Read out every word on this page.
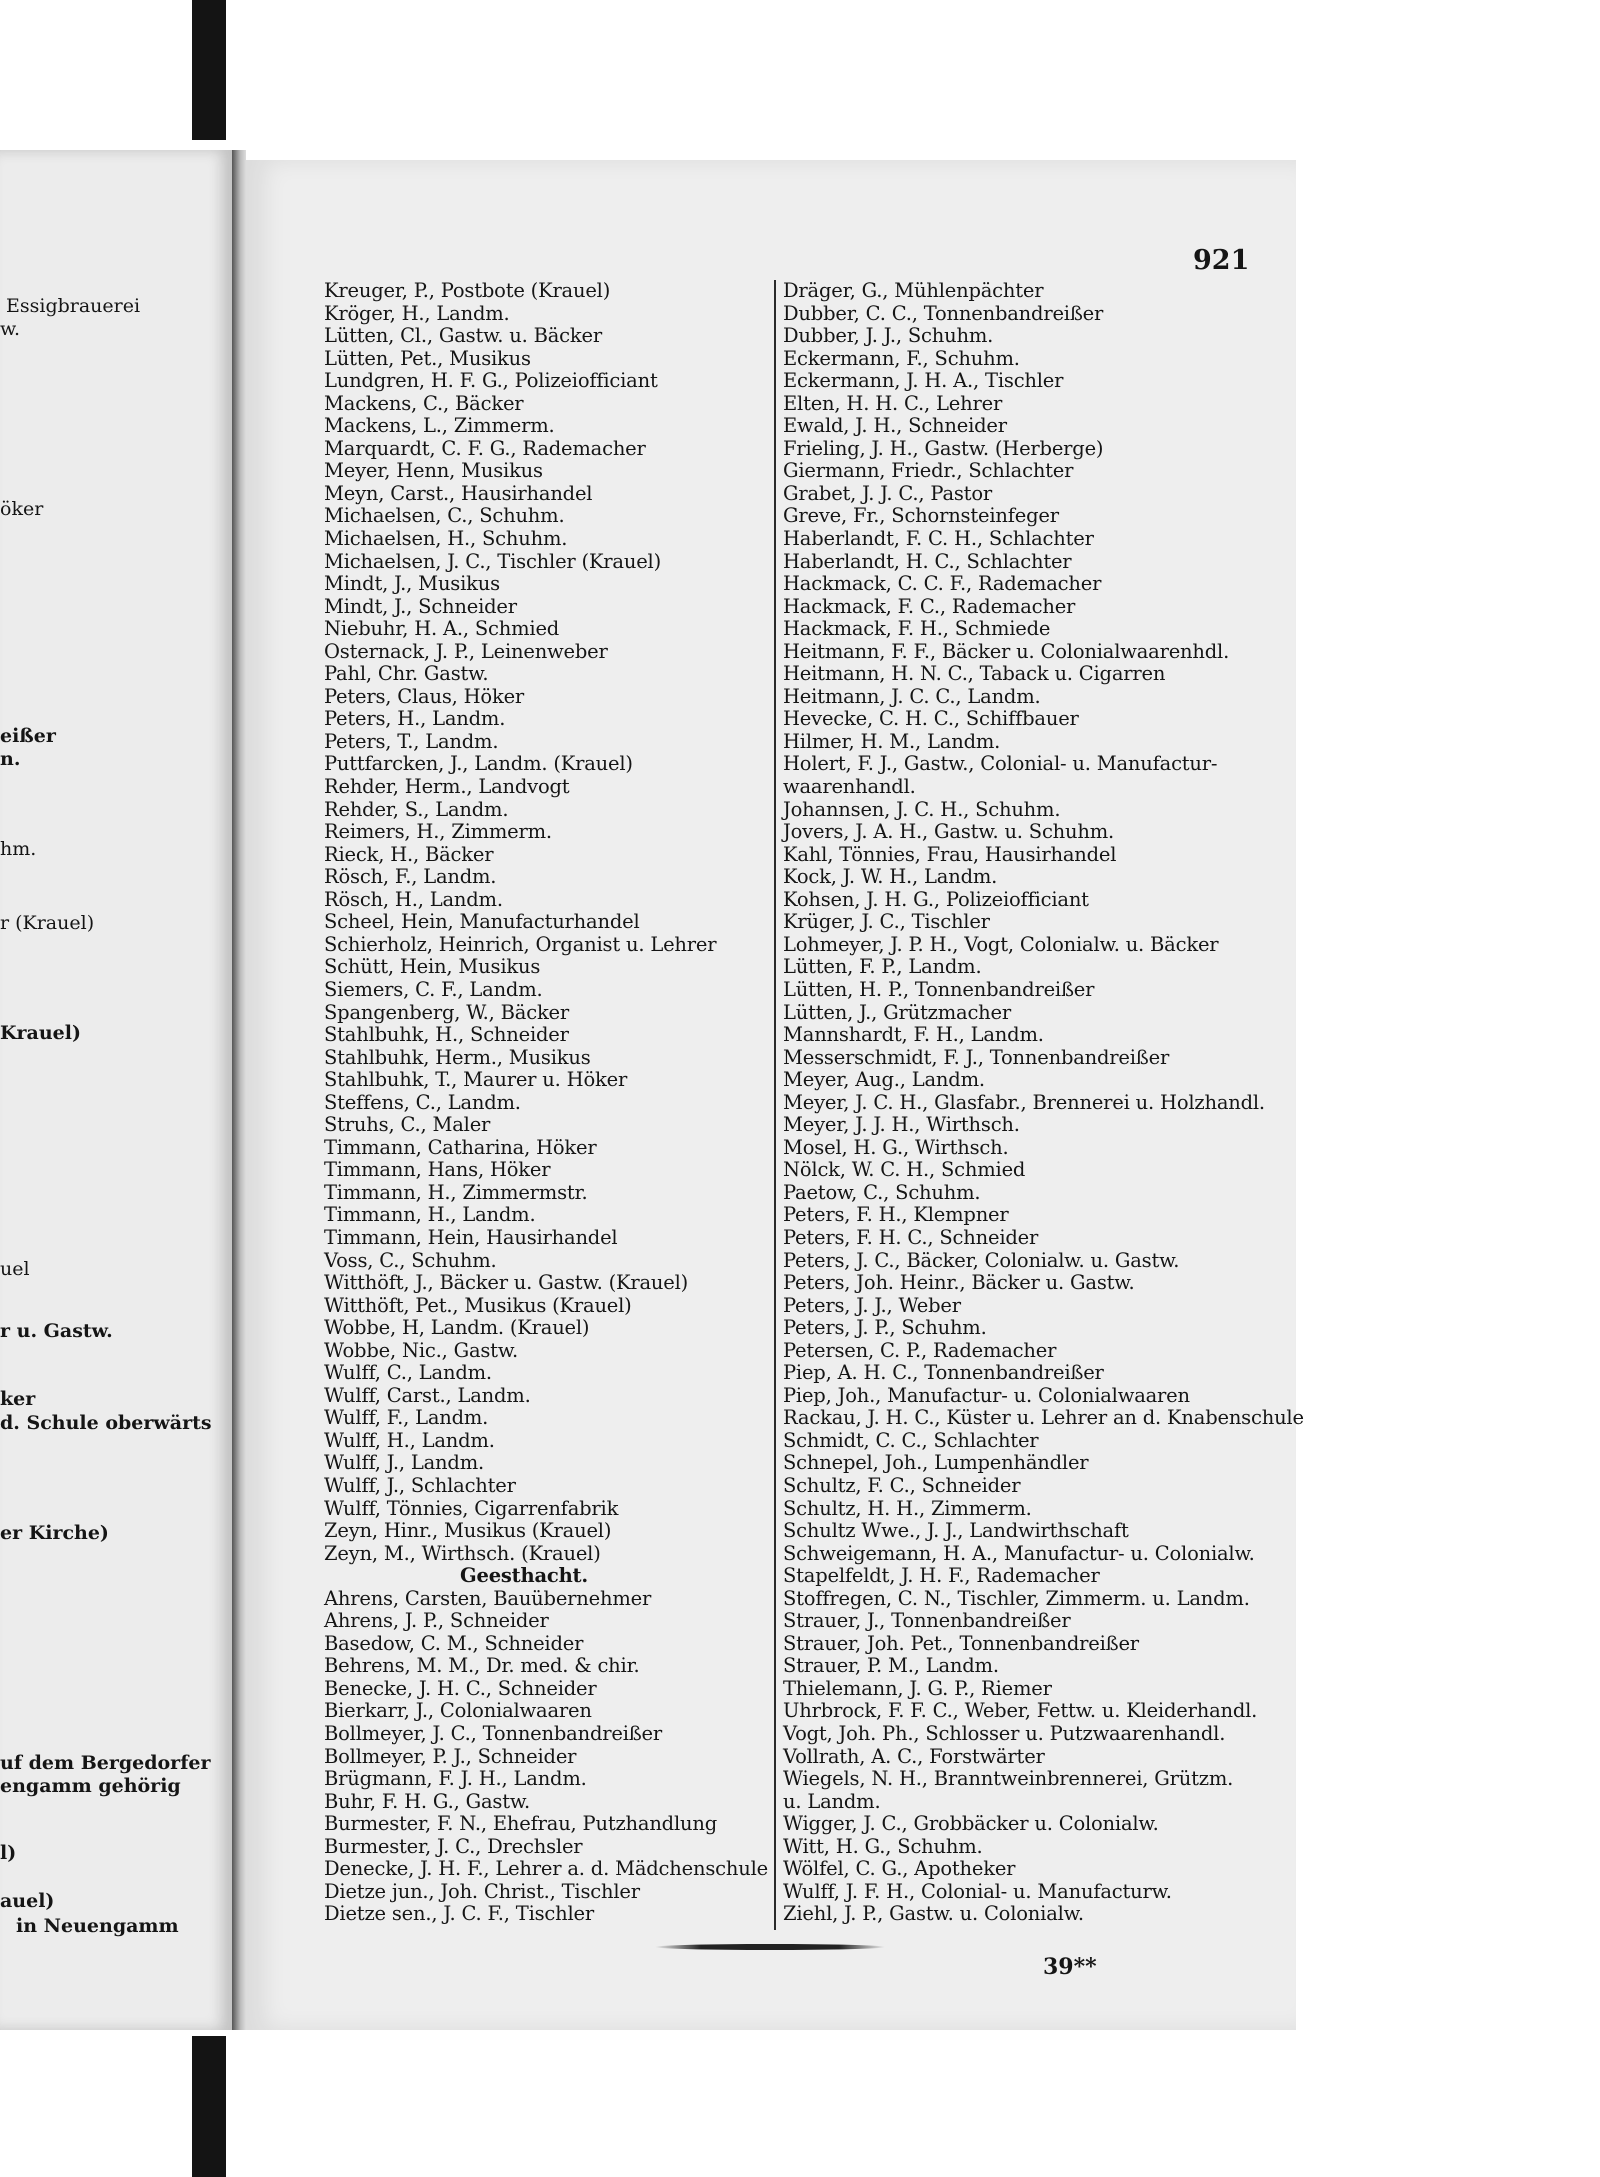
Essigbrauerei
w.
öker
eißer
n.
hm.
r (Krauel)
Krauel)
uel
r u. Gastw.
ker
d. Schule oberwärts
er Kirche)
uf dem Bergedorfer
engamm gehörig
l)
auel)
in Neuengamm
921
Kreuger, P., Postbote (Krauel)
Kröger, H., Landm.
Lütten, Cl., Gastw. u. Bäcker
Lütten, Pet., Musikus
Lundgren, H. F. G., Polizeiofficiant
Mackens, C., Bäcker
Mackens, L., Zimmerm.
Marquardt, C. F. G., Rademacher
Meyer, Henn, Musikus
Meyn, Carst., Hausirhandel
Michaelsen, C., Schuhm.
Michaelsen, H., Schuhm.
Michaelsen, J. C., Tischler (Krauel)
Mindt, J., Musikus
Mindt, J., Schneider
Niebuhr, H. A., Schmied
Osternack, J. P., Leinenweber
Pahl, Chr. Gastw.
Peters, Claus, Höker
Peters, H., Landm.
Peters, T., Landm.
Puttfarcken, J., Landm. (Krauel)
Rehder, Herm., Landvogt
Rehder, S., Landm.
Reimers, H., Zimmerm.
Rieck, H., Bäcker
Rösch, F., Landm.
Rösch, H., Landm.
Scheel, Hein, Manufacturhandel
Schierholz, Heinrich, Organist u. Lehrer
Schütt, Hein, Musikus
Siemers, C. F., Landm.
Spangenberg, W., Bäcker
Stahlbuhk, H., Schneider
Stahlbuhk, Herm., Musikus
Stahlbuhk, T., Maurer u. Höker
Steffens, C., Landm.
Struhs, C., Maler
Timmann, Catharina, Höker
Timmann, Hans, Höker
Timmann, H., Zimmermstr.
Timmann, H., Landm.
Timmann, Hein, Hausirhandel
Voss, C., Schuhm.
Witthöft, J., Bäcker u. Gastw. (Krauel)
Witthöft, Pet., Musikus (Krauel)
Wobbe, H, Landm. (Krauel)
Wobbe, Nic., Gastw.
Wulff, C., Landm.
Wulff, Carst., Landm.
Wulff, F., Landm.
Wulff, H., Landm.
Wulff, J., Landm.
Wulff, J., Schlachter
Wulff, Tönnies, Cigarrenfabrik
Zeyn, Hinr., Musikus (Krauel)
Zeyn, M., Wirthsch. (Krauel)
Geesthacht.
Ahrens, Carsten, Bauübernehmer
Ahrens, J. P., Schneider
Basedow, C. M., Schneider
Behrens, M. M., Dr. med. & chir.
Benecke, J. H. C., Schneider
Bierkarr, J., Colonialwaaren
Bollmeyer, J. C., Tonnenbandreißer
Bollmeyer, P. J., Schneider
Brügmann, F. J. H., Landm.
Buhr, F. H. G., Gastw.
Burmester, F. N., Ehefrau, Putzhandlung
Burmester, J. C., Drechsler
Denecke, J. H. F., Lehrer a. d. Mädchenschule
Dietze jun., Joh. Christ., Tischler
Dietze sen., J. C. F., Tischler
Dräger, G., Mühlenpächter
Dubber, C. C., Tonnenbandreißer
Dubber, J. J., Schuhm.
Eckermann, F., Schuhm.
Eckermann, J. H. A., Tischler
Elten, H. H. C., Lehrer
Ewald, J. H., Schneider
Frieling, J. H., Gastw. (Herberge)
Giermann, Friedr., Schlachter
Grabet, J. J. C., Pastor
Greve, Fr., Schornsteinfeger
Haberlandt, F. C. H., Schlachter
Haberlandt, H. C., Schlachter
Hackmack, C. C. F., Rademacher
Hackmack, F. C., Rademacher
Hackmack, F. H., Schmiede
Heitmann, F. F., Bäcker u. Colonialwaarenhdl.
Heitmann, H. N. C., Taback u. Cigarren
Heitmann, J. C. C., Landm.
Hevecke, C. H. C., Schiffbauer
Hilmer, H. M., Landm.
Holert, F. J., Gastw., Colonial- u. Manufactur-
waarenhandl.
Johannsen, J. C. H., Schuhm.
Jovers, J. A. H., Gastw. u. Schuhm.
Kahl, Tönnies, Frau, Hausirhandel
Kock, J. W. H., Landm.
Kohsen, J. H. G., Polizeiofficiant
Krüger, J. C., Tischler
Lohmeyer, J. P. H., Vogt, Colonialw. u. Bäcker
Lütten, F. P., Landm.
Lütten, H. P., Tonnenbandreißer
Lütten, J., Grützmacher
Mannshardt, F. H., Landm.
Messerschmidt, F. J., Tonnenbandreißer
Meyer, Aug., Landm.
Meyer, J. C. H., Glasfabr., Brennerei u. Holzhandl.
Meyer, J. J. H., Wirthsch.
Mosel, H. G., Wirthsch.
Nölck, W. C. H., Schmied
Paetow, C., Schuhm.
Peters, F. H., Klempner
Peters, F. H. C., Schneider
Peters, J. C., Bäcker, Colonialw. u. Gastw.
Peters, Joh. Heinr., Bäcker u. Gastw.
Peters, J. J., Weber
Peters, J. P., Schuhm.
Petersen, C. P., Rademacher
Piep, A. H. C., Tonnenbandreißer
Piep, Joh., Manufactur- u. Colonialwaaren
Rackau, J. H. C., Küster u. Lehrer an d. Knabenschule
Schmidt, C. C., Schlachter
Schnepel, Joh., Lumpenhändler
Schultz, F. C., Schneider
Schultz, H. H., Zimmerm.
Schultz Wwe., J. J., Landwirthschaft
Schweigemann, H. A., Manufactur- u. Colonialw.
Stapelfeldt, J. H. F., Rademacher
Stoffregen, C. N., Tischler, Zimmerm. u. Landm.
Strauer, J., Tonnenbandreißer
Strauer, Joh. Pet., Tonnenbandreißer
Strauer, P. M., Landm.
Thielemann, J. G. P., Riemer
Uhrbrock, F. F. C., Weber, Fettw. u. Kleiderhandl.
Vogt, Joh. Ph., Schlosser u. Putzwaarenhandl.
Vollrath, A. C., Forstwärter
Wiegels, N. H., Branntweinbrennerei, Grützm.
u. Landm.
Wigger, J. C., Grobbäcker u. Colonialw.
Witt, H. G., Schuhm.
Wölfel, C. G., Apotheker
Wulff, J. F. H., Colonial- u. Manufacturw.
Ziehl, J. P., Gastw. u. Colonialw.
39**
